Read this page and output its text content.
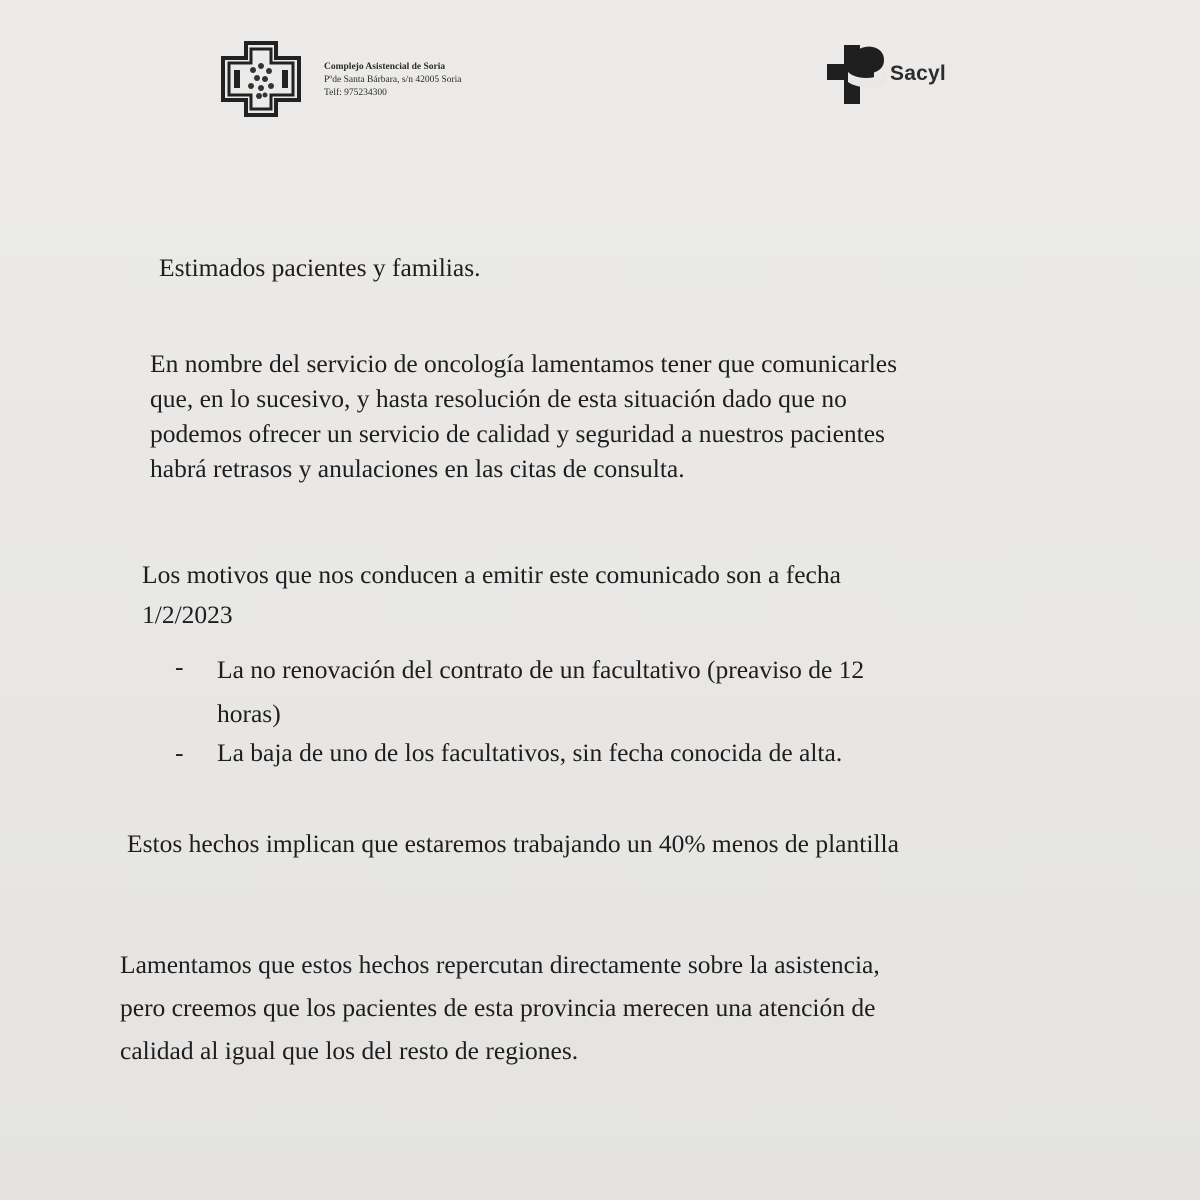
Complejo Asistencial de Soria
Pºde Santa Bárbara, s/n 42005 Soria
Telf: 975234300
Sacyl
Estimados pacientes y familias.
En nombre del servicio de oncología lamentamos tener que comunicarles
que, en lo sucesivo, y hasta resolución de esta situación dado que no
podemos ofrecer un servicio de calidad y seguridad a nuestros pacientes
habrá retrasos y anulaciones en las citas de consulta.
Los motivos que nos conducen a emitir este comunicado son a fecha
1/2/2023
-	La no renovación del contrato de un facultativo (preaviso de 12
horas)
-	La baja de uno de los facultativos, sin fecha conocida de alta.
Estos hechos implican que estaremos trabajando un 40% menos de plantilla
Lamentamos que estos hechos repercutan directamente sobre la asistencia,
pero creemos que los pacientes de esta provincia merecen una atención de
calidad al igual que los del resto de regiones.
